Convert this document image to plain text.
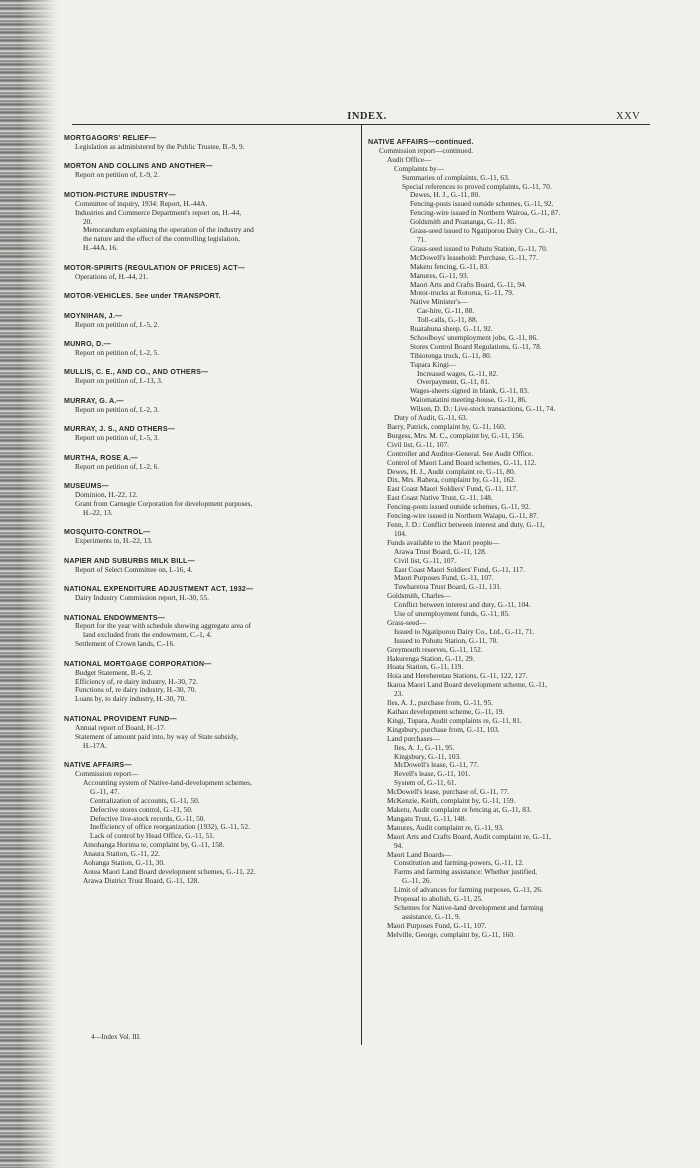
INDEX.	XXV
MORTGAGORS' RELIEF—
Legislation as administered by the Public Trustee, B.-9, 9.
MORTON AND COLLINS AND ANOTHER—
Report on petition of, I.-9, 2.
MOTION-PICTURE INDUSTRY—
Committee of inquiry, 1934: Report, H.-44A.
Industries and Commerce Department's report on, H.-44,
20.
Memorandum explaining the operation of the industry and
the nature and the effect of the controlling legislation,
H.-44A, 16.
MOTOR-SPIRITS (REGULATION OF PRICES) ACT—
Operations of, H.-44, 21.
MOTOR-VEHICLES. See under TRANSPORT.
MOYNIHAN, J.—
Report on petition of, I.-5, 2.
MUNRO, D.—
Report on petition of, I.-2, 5.
MULLIS, C. E., AND CO., AND OTHERS—
Report on petition of, I.-13, 3.
MURRAY, G. A.—
Report on petition of, I.-2, 3.
MURRAY, J. S., AND OTHERS—
Report on petition of, I.-5, 3.
MURTHA, ROSE A.—
Report on petition of, I.-2, 6.
MUSEUMS—
Dominion, H.-22, 12.
Grant from Carnegie Corporation for development purposes,
H.-22, 13.
MOSQUITO-CONTROL—
Experiments in, H.-22, 13.
NAPIER AND SUBURBS MILK BILL—
Report of Select Committee on, I.-16, 4.
NATIONAL EXPENDITURE ADJUSTMENT ACT, 1932—
Dairy Industry Commission report, H.-30, 55.
NATIONAL ENDOWMENTS—
Report for the year with schedule showing aggregate area of
land excluded from the endowment, C.-1, 4.
Settlement of Crown lands, C.-16.
NATIONAL MORTGAGE CORPORATION—
Budget Statement, B.-6, 2.
Efficiency of, re dairy industry, H.-30, 72.
Functions of, re dairy industry, H.-30, 70.
Loans by, to dairy industry, H.-30, 70.
NATIONAL PROVIDENT FUND—
Annual report of Board, H.-17.
Statement of amount paid into, by way of State subsidy,
H.-17A.
NATIVE AFFAIRS—
Commission report—
Accounting system of Native-land-development schemes,
G.-11, 47.
Centralization of accounts, G.-11, 50.
Defective stores control, G.-11, 50.
Defective live-stock records, G.-11, 50.
Inefficiency of office reorganization (1932), G.-11, 52.
Lack of control by Head Office, G.-11, 51.
Amohanga Horima te, complaint by, G.-11, 158.
Anaura Station, G.-11, 22.
Aohanga Station, G.-11, 30.
Aotea Maori Land Board development schemes, G.-11, 22.
Arawa District Trust Board, G.-11, 128.
NATIVE AFFAIRS—continued.
Commission report—continued.
Audit Office—
Complaints by—
Summaries of complaints, G.-11, 63.
Special references to proved complaints, G.-11, 70.
Dewes, H. J., G.-11, 80.
Fencing-posts issued outside schemes, G.-11, 92.
Fencing-wire issued in Northern Wairoa, G.-11, 87.
Goldsmith and Poananga, G.-11, 85.
Grass-seed issued to Ngatiporou Dairy Co., G.-11,
71.
Grass-seed issued to Pohutu Station, G.-11, 70.
McDowell's leasehold: Purchase, G.-11, 77.
Maketu fencing, G.-11, 83.
Manures, G.-11, 93.
Maori Arts and Crafts Board, G.-11, 94.
Motor-trucks at Rotorua, G.-11, 79.
Native Minister's—
Car-hire, G.-11, 88.
Toll-calls, G.-11, 88.
Ruatahuna sheep, G.-11, 92.
Schoolboys' unemployment jobs, G.-11, 86.
Stores Control Board Regulations, G.-11, 78.
Tihiotonga truck, G.-11, 80.
Tupara Kingi—
Increased wages, G.-11, 82.
Overpayment, G.-11, 81.
Wages-sheets signed in blank, G.-11, 83.
Waiomatatini meeting-house, G.-11, 86.
Wilson, D. D.: Live-stock transactions, G.-11, 74.
Duty of Audit, G.-11, 63.
Barry, Patrick, complaint by, G.-11, 160.
Burgess, Mrs. M. C., complaint by, G.-11, 156.
Civil list, G.-11, 107.
Controller and Auditor-General. See Audit Office.
Control of Maori Land Board schemes, G.-11, 112.
Dewes, H. J., Audit complaint re, G.-11, 80.
Dix, Mrs. Rahera, complaint by, G.-11, 162.
East Coast Maori Soldiers' Fund, G.-11, 117.
East Coast Native Trust, G.-11, 148.
Fencing-posts issued outside schemes, G.-11, 92.
Fencing-wire issued in Northern Waiapu, G.-11, 87.
Fenn, J. D.: Conflict between interest and duty, G.-11,
104.
Funds available to the Maori people—
Arawa Trust Board, G.-11, 128.
Civil list, G.-11, 107.
East Coast Maori Soldiers' Fund, G.-11, 117.
Maori Purposes Fund, G.-11, 107.
Tuwharetoa Trust Board, G.-11, 131.
Goldsmith, Charles—
Conflict between interest and duty, G.-11, 104.
Use of unemployment funds, G.-11, 85.
Grass-seed—
Issued to Ngatiporou Dairy Co., Ltd., G.-11, 71.
Issued to Pohutu Station, G.-11, 70.
Greymouth reserves, G.-11, 152.
Hakurenga Station, G.-11, 29.
Hoata Station, G.-11, 119.
Hoia and Hereheretau Stations, G.-11, 122, 127.
Ikaroa Maori Land Board development scheme, G.-11,
23.
Iles, A. J., purchase from, G.-11, 95.
Kaihau development scheme, G.-11, 19.
Kingi, Tupara, Audit complaints re, G.-11, 81.
Kingsbury, purchase from, G.-11, 103.
Land purchases—
Iles, A. J., G.-11, 95.
Kingsbury, G.-11, 103.
McDowell's lease, G.-11, 77.
Revell's lease, G.-11, 101.
System of, G.-11, 61.
McDowell's lease, purchase of, G.-11, 77.
McKenzie, Keith, complaint by, G.-11, 159.
Maketu, Audit complaint re fencing at, G.-11, 83.
Mangatu Trust, G.-11, 148.
Manures, Audit complaint re, G.-11, 93.
Maori Arts and Crafts Board, Audit complaint re, G.-11,
94.
Maori Land Boards—
Constitution and farming-powers, G.-11, 12.
Farms and farming assistance: Whether justified,
G.-11, 26.
Limit of advances for farming purposes, G.-11, 26.
Proposal to abolish, G.-11, 25.
Schemes for Native-land development and farming
assistance, G.-11, 9.
Maori Purposes Fund, G.-11, 107.
Melville, George, complaint by, G.-11, 160.
4—Index Vol. III.
